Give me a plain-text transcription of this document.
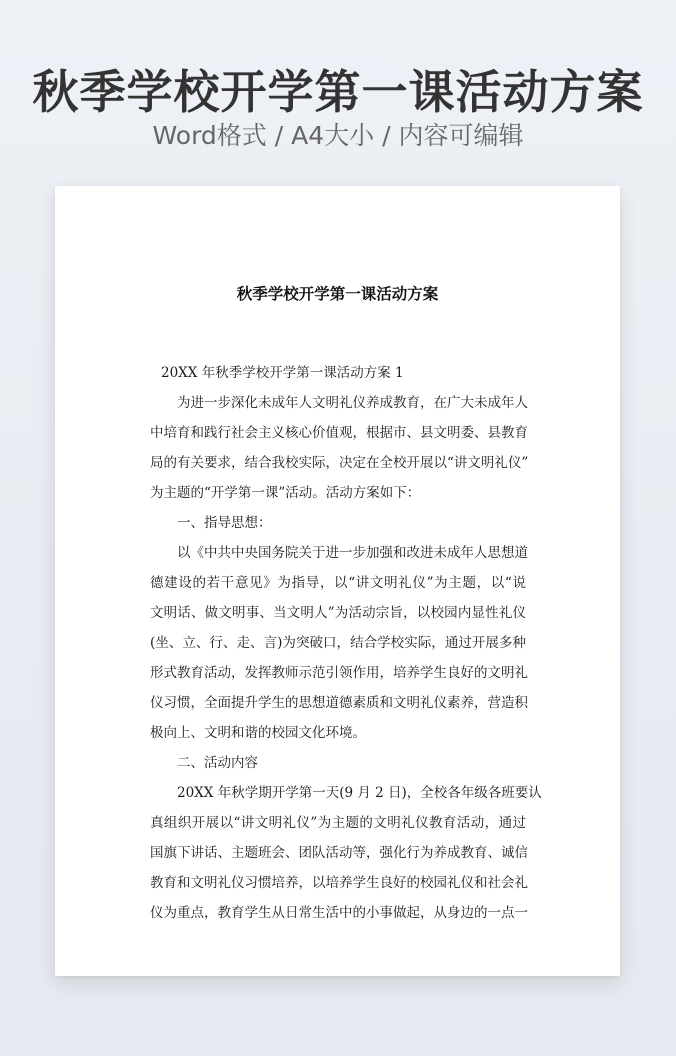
秋季学校开学第一课活动方案
Word格式 / A4大小 / 内容可编辑
秋季学校开学第一课活动方案
20XX 年秋季学校开学第一课活动方案 1
为进一步深化未成年人文明礼仪养成教育，在广大未成年人
中培育和践行社会主义核心价值观，根据市、县文明委、县教育
局的有关要求，结合我校实际，决定在全校开展以“讲文明礼仪”
为主题的“开学第一课”活动。活动方案如下：
一、指导思想：
以《中共中央国务院关于进一步加强和改进未成年人思想道
德建设的若干意见》为指导，以“讲文明礼仪”为主题，以“说
文明话、做文明事、当文明人”为活动宗旨，以校园内显性礼仪
(坐、立、行、走、言)为突破口，结合学校实际，通过开展多种
形式教育活动，发挥教师示范引领作用，培养学生良好的文明礼
仪习惯，全面提升学生的思想道德素质和文明礼仪素养，营造积
极向上、文明和谐的校园文化环境。
二、活动内容
20XX 年秋学期开学第一天(9 月 2 日)，全校各年级各班要认
真组织开展以“讲文明礼仪”为主题的文明礼仪教育活动，通过
国旗下讲话、主题班会、团队活动等，强化行为养成教育、诚信
教育和文明礼仪习惯培养，以培养学生良好的校园礼仪和社会礼
仪为重点，教育学生从日常生活中的小事做起，从身边的一点一
